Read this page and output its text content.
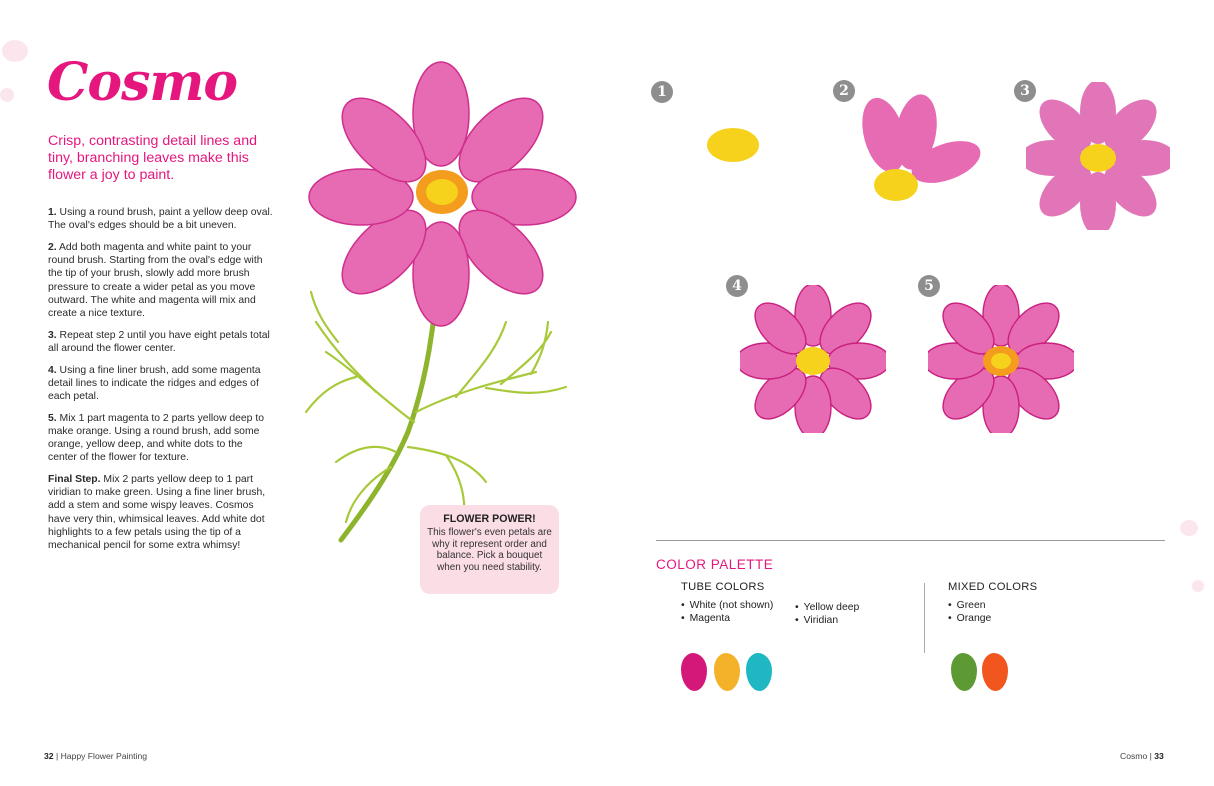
Cosmo
Crisp, contrasting detail lines and tiny, branching leaves make this flower a joy to paint.

1. Using a round brush, paint a yellow deep oval. The oval's edges should be a bit uneven.

2. Add both magenta and white paint to your round brush. Starting from the oval's edge with the tip of your brush, slowly add more brush pressure to create a wider petal as you move outward. The white and magenta will mix and create a nice texture.

3. Repeat step 2 until you have eight petals total all around the flower center.

4. Using a fine liner brush, add some magenta detail lines to indicate the ridges and edges of each petal.

5. Mix 1 part magenta to 2 parts yellow deep to make orange. Using a round brush, add some orange, yellow deep, and white dots to the center of the flower for texture.

Final Step. Mix 2 parts yellow deep to 1 part viridian to make green. Using a fine liner brush, add a stem and some wispy leaves. Cosmos have very thin, whimsical leaves. Add white dot highlights to a few petals using the tip of a mechanical pencil for some extra whimsy!

FLOWER POWER!
This flower's even petals are why it represent order and balance. Pick a bouquet when you need stability.
1	2	3
4	5
COLOR PALETTE
TUBE COLORS
• White (not shown)
• Magenta
• Yellow deep
• Viridian
MIXED COLORS
• Green
• Orange
32 | Happy Flower Painting	Cosmo | 33
